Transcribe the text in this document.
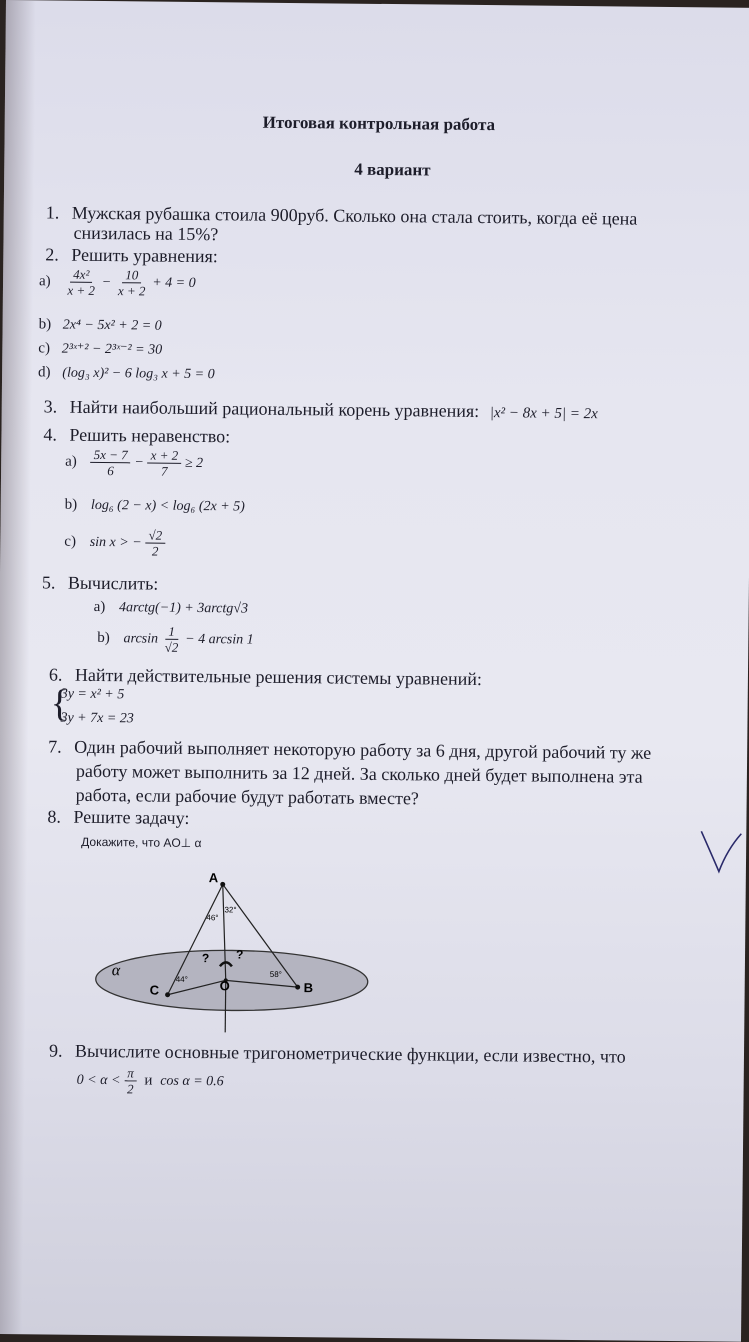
Итоговая контрольная работа
4 вариант
1. Мужская рубашка стоила 900руб. Сколько она стала стоить, когда её цена
снизилась на 15%?
2. Решить уравнения:
$a) \frac{\text{4x²}}{x + 2} - \frac{10}{x + 2} + 4 = 0$
b) 2x⁴ − 5x² + 2 = 0
c) 2³ˣ⁺² − 2³ˣ⁻² = 30
d) (log₃ x)² − 6 log₃ x + 5 = 0
3. Найти наибольший рациональный корень уравнения: |x² − 8x + 5| = 2x
4. Решить неравенство:
$a) \frac{5x - 7}{6} - \frac{x + 2}{7} \ge 2$
b) log₆ (2 − x) < log₆ (2x + 5)
c) sin x > − $\frac{√2}{2}$
5. Вычислить:
a) 4arctg(−1) + 3arctg√3
b) $\arcsin \frac{1}{√2} - 4$ arcsin 1
6. Найти действительные решения системы уравнений:
{
3y = x² + 5
3y + 7x = 23
7. Один рабочий выполняет некоторую работу за 6 дня, другой рабочий ту же
работу может выполнить за 12 дней. За сколько дней будет выполнена эта
работа, если рабочие будут работать вместе?
8. Решите задачу:
Докажите, что AO⊥ α
A
C	B
O
α
46°
32°
44°
58°
? ?
9. Вычислите основные тригонометрические функции, если известно, что
$0 < \alpha < \frac{\pi}{2}$ и cos α = 0.6
